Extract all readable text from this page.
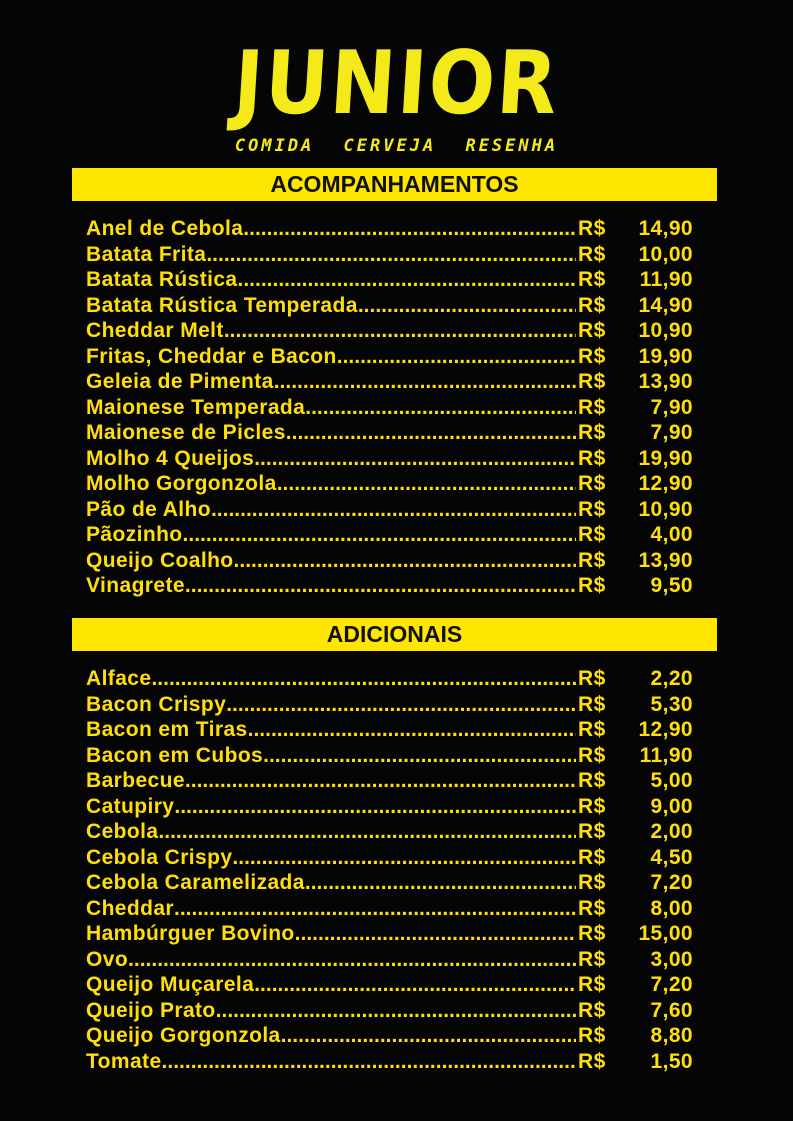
JUNIOR
COMIDA CERVEJA RESENHA
ACOMPANHAMENTOS
Anel de Cebola .....	R$	14,90
Batata Frita .....	R$	10,00
Batata Rústica .....	R$	11,90
Batata Rústica Temperada .....	R$	14,90
Cheddar Melt .....	R$	10,90
Fritas, Cheddar e Bacon .....	R$	19,90
Geleia de Pimenta .....	R$	13,90
Maionese Temperada .....	R$	7,90
Maionese de Picles .....	R$	7,90
Molho 4 Queijos .....	R$	19,90
Molho Gorgonzola .....	R$	12,90
Pão de Alho .....	R$	10,90
Pãozinho .....	R$	4,00
Queijo Coalho .....	R$	13,90
Vinagrete .....	R$	9,50
ADICIONAIS
Alface .....	R$	2,20
Bacon Crispy .....	R$	5,30
Bacon em Tiras .....	R$	12,90
Bacon em Cubos .....	R$	11,90
Barbecue .....	R$	5,00
Catupiry .....	R$	9,00
Cebola .....	R$	2,00
Cebola Crispy .....	R$	4,50
Cebola Caramelizada .....	R$	7,20
Cheddar .....	R$	8,00
Hambúrguer Bovino .....	R$	15,00
Ovo .....	R$	3,00
Queijo Muçarela .....	R$	7,20
Queijo Prato .....	R$	7,60
Queijo Gorgonzola .....	R$	8,80
Tomate .....	R$	1,50
